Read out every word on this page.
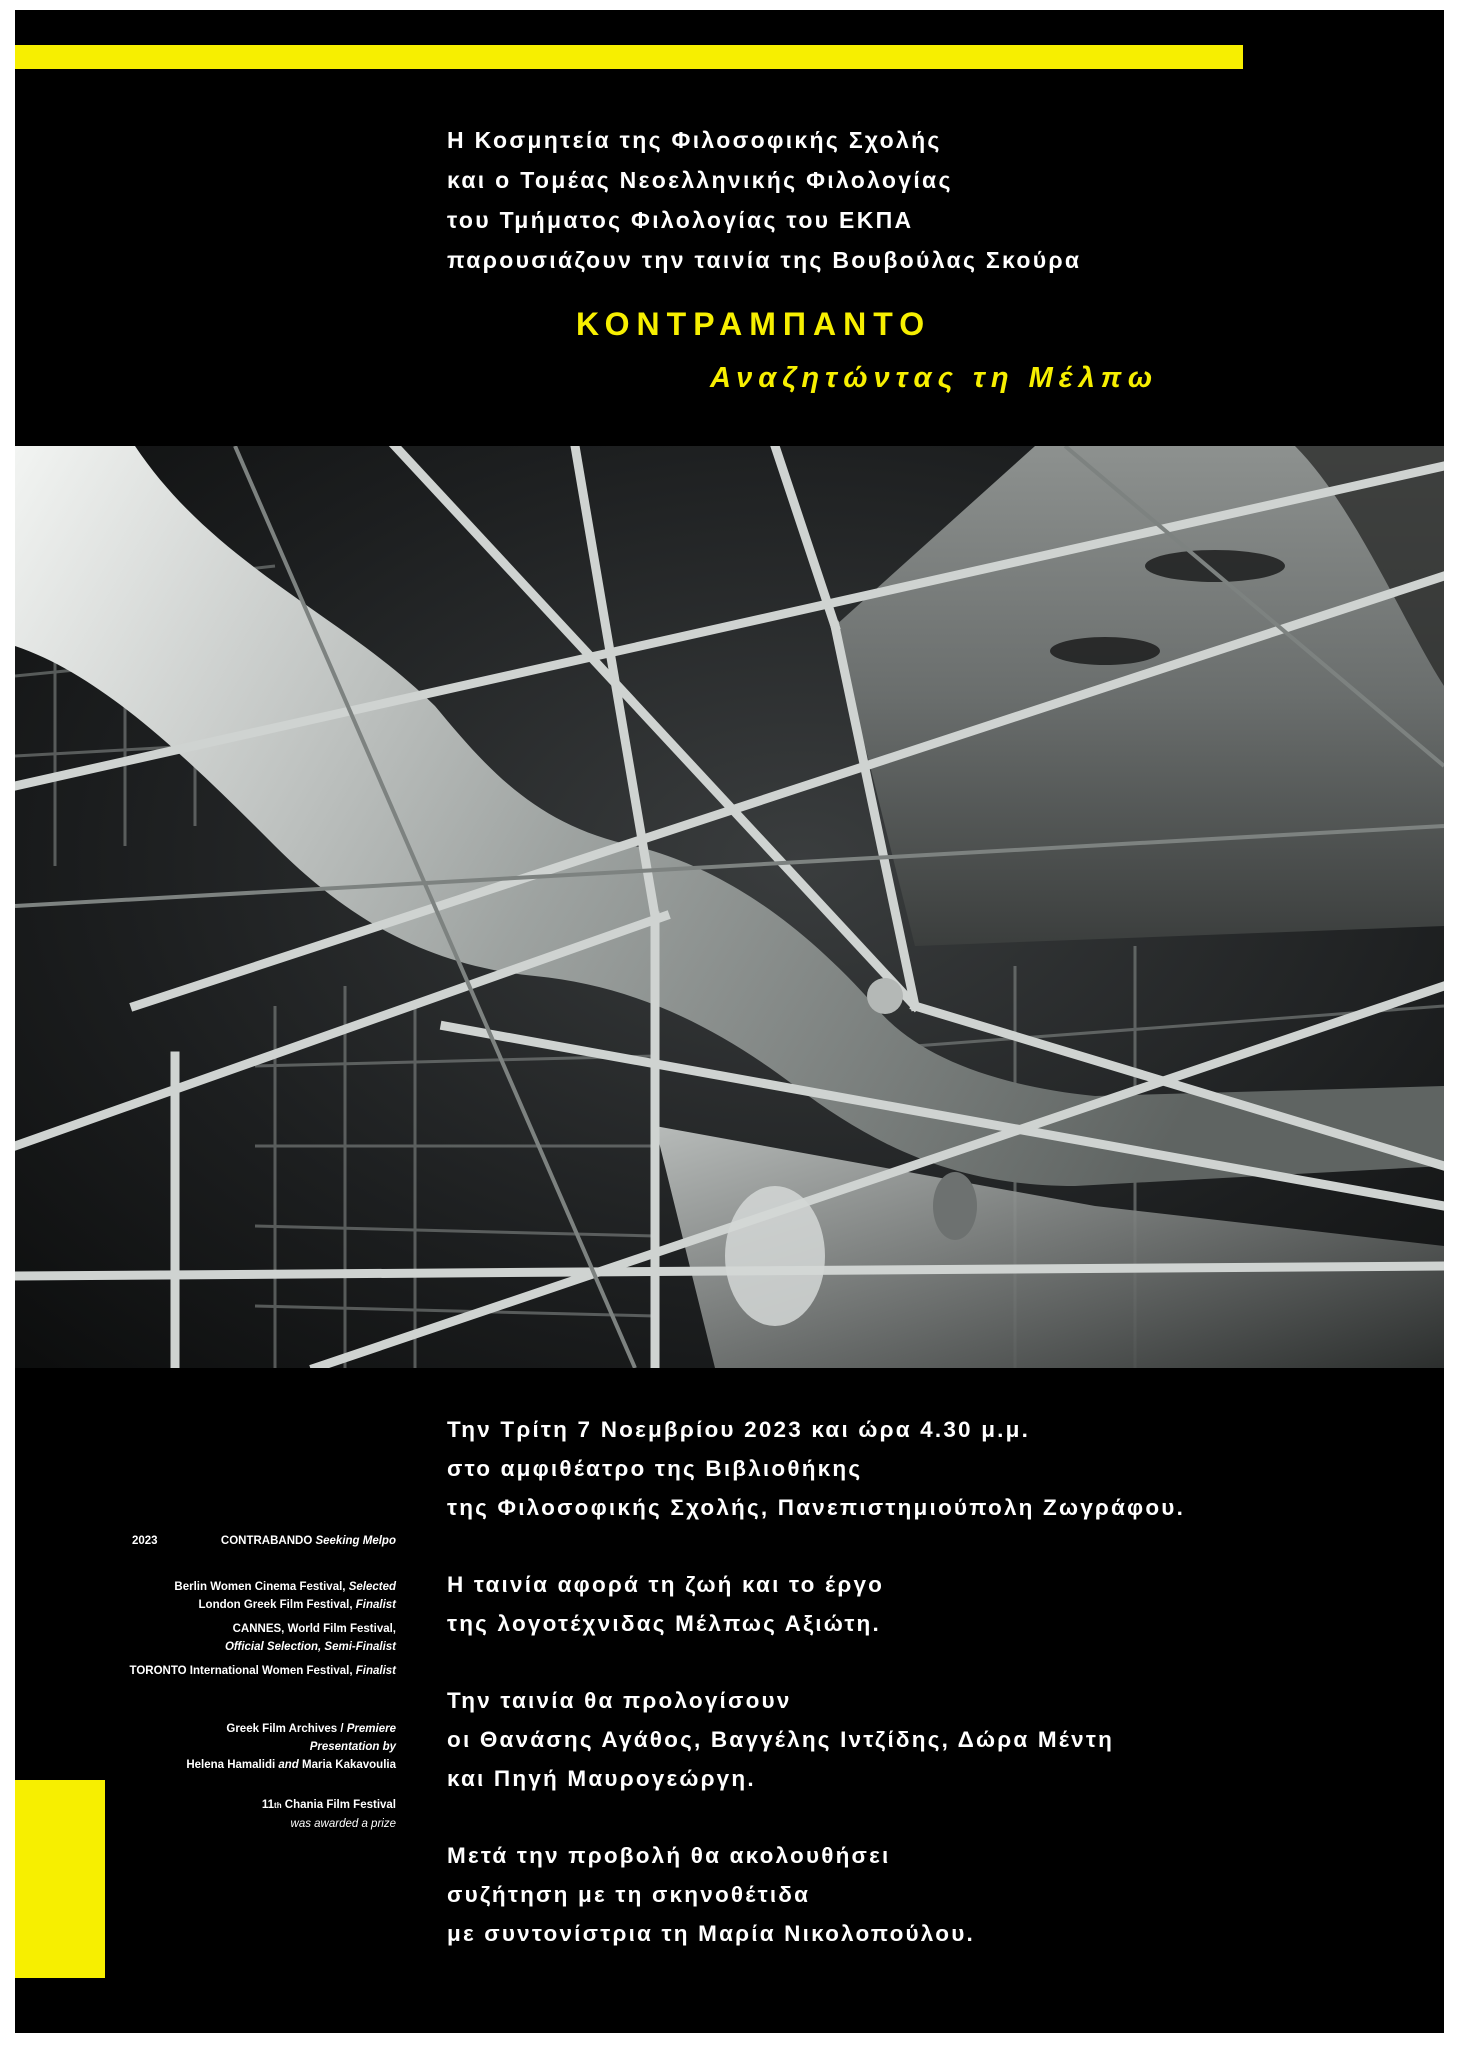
Η Κοσμητεία της Φιλοσοφικής Σχολής
και ο Τομέας Νεοελληνικής Φιλολογίας
του Τμήματος Φιλολογίας του ΕΚΠΑ
παρουσιάζουν την ταινία της Βουβούλας Σκούρα
ΚΟΝΤΡΑΜΠΑΝΤΟ
Αναζητώντας τη Μέλπω

Την Τρίτη 7 Νοεμβρίου 2023 και ώρα 4.30 μ.μ.
στο αμφιθέατρο της Βιβλιοθήκης
της Φιλοσοφικής Σχολής, Πανεπιστημιούπολη Ζωγράφου.

Η ταινία αφορά τη ζωή και το έργο
της λογοτέχνιδας Μέλπως Αξιώτη.

Την ταινία θα προλογίσουν
οι Θανάσης Αγάθος, Βαγγέλης Ιντζίδης, Δώρα Μέντη
και Πηγή Μαυρογεώργη.

Μετά την προβολή θα ακολουθήσει
συζήτηση με τη σκηνοθέτιδα
με συντονίστρια τη Μαρία Νικολοπούλου.

2023	CONTRABANDO Seeking Melpo
Berlin Women Cinema Festival, Selected
London Greek Film Festival, Finalist
CANNES, World Film Festival,
Official Selection, Semi-Finalist
TORONTO International Women Festival, Finalist
Greek Film Archives / Premiere
Presentation by
Helena Hamalidi and Maria Kakavoulia
11th Chania Film Festival
was awarded a prize
